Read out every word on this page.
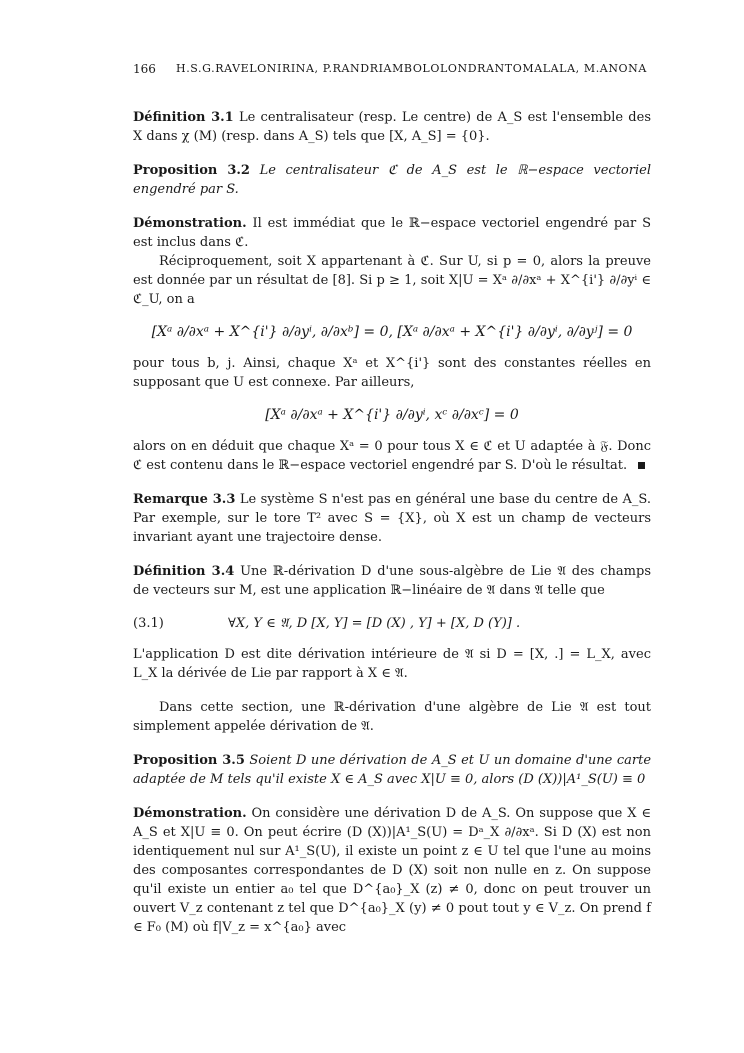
166 H.S.G.RAVELONIRINA, P.RANDRIAMBOLOLONDRANTOMALALA, M.ANONA

Définition 3.1 Le centralisateur (resp. Le centre) de A_S est l'ensemble des X dans χ (M) (resp. dans A_S) tels que [X, A_S] = {0}.

Proposition 3.2 Le centralisateur ℭ de A_S est le ℝ−espace vectoriel engendré par S.

Démonstration. Il est immédiat que le ℝ−espace vectoriel engendré par S est inclus dans ℭ.

Réciproquement, soit X appartenant à ℭ. Sur U, si p = 0, alors la preuve est donnée par un résultat de [8]. Si p ≥ 1, soit X|U = Xᵃ ∂/∂xᵃ + X^{i'} ∂/∂yⁱ ∈ ℭ_U, on a

[Xᵃ ∂/∂xᵃ + X^{i'} ∂/∂yⁱ, ∂/∂xᵇ] = 0, [Xᵃ ∂/∂xᵃ + X^{i'} ∂/∂yⁱ, ∂/∂yʲ] = 0

pour tous b, j. Ainsi, chaque Xᵃ et X^{i'} sont des constantes réelles en supposant que U est connexe. Par ailleurs,

[Xᵃ ∂/∂xᵃ + X^{i'} ∂/∂yⁱ, xᶜ ∂/∂xᶜ] = 0

alors on en déduit que chaque Xᵃ = 0 pour tous X ∈ ℭ et U adaptée à 𝔉. Donc ℭ est contenu dans le ℝ−espace vectoriel engendré par S. D'où le résultat.

Remarque 3.3 Le système S n'est pas en général une base du centre de A_S. Par exemple, sur le tore T² avec S = {X}, où X est un champ de vecteurs invariant ayant une trajectoire dense.

Définition 3.4 Une ℝ-dérivation D d'une sous-algèbre de Lie 𝔄 des champs de vecteurs sur M, est une application ℝ−linéaire de 𝔄 dans 𝔄 telle que

(3.1)	∀X, Y ∈ 𝔄, D [X, Y] = [D (X) , Y] + [X, D (Y)] .

L'application D est dite dérivation intérieure de 𝔄 si D = [X, .] = L_X, avec L_X la dérivée de Lie par rapport à X ∈ 𝔄.

Dans cette section, une ℝ-dérivation d'une algèbre de Lie 𝔄 est tout simplement appelée dérivation de 𝔄.

Proposition 3.5 Soient D une dérivation de A_S et U un domaine d'une carte adaptée de M tels qu'il existe X ∈ A_S avec X|U ≡ 0, alors (D (X))|A¹_S(U) ≡ 0

Démonstration. On considère une dérivation D de A_S. On suppose que X ∈ A_S et X|U ≡ 0. On peut écrire (D (X))|A¹_S(U) = Dᵃ_X ∂/∂xᵃ. Si D (X) est non identiquement nul sur A¹_S(U), il existe un point z ∈ U tel que l'une au moins des composantes correspondantes de D (X) soit non nulle en z. On suppose qu'il existe un entier a₀ tel que D^{a₀}_X (z) ≠ 0, donc on peut trouver un ouvert V_z contenant z tel que D^{a₀}_X (y) ≠ 0 pout tout y ∈ V_z. On prend f ∈ F₀ (M) où f|V_z = x^{a₀} avec
